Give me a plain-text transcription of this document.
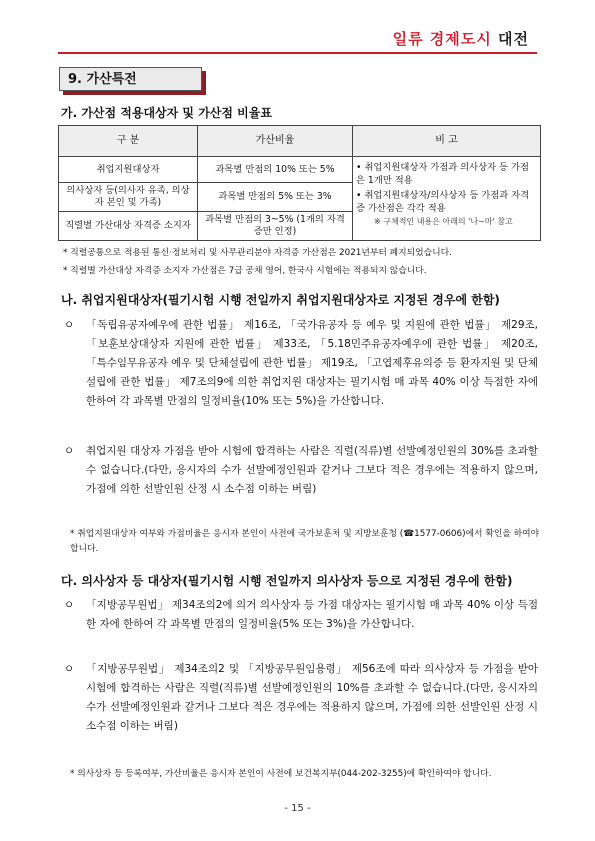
일류 경제도시 대전
9. 가산특전
가. 가산점 적용대상자 및 가산점 비율표
구 분	가산비율	비 고
취업지원대상자	과목별 만점의 10% 또는 5%	• 취업지원대상자 가점과 의사상자 등 가점은 1개만 적용
• 취업지원대상자/의사상자 등 가점과 자격증 가산점은 각각 적용
※ 구체적인 내용은 아래의 '나~마' 참고

의사상자 등(의사자 유족, 의상자 본인 및 가족)	과목별 만점의 5% 또는 3%	
직렬별 가산대상 자격증 소지자	과목별 만점의 3~5% (1개의 자격증만 인정)	
* 직렬공통으로 적용된 통신·정보처리 및 사무관리분야 자격증 가산점은 2021년부터 폐지되었습니다.
* 직렬별 가산대상 자격증 소지자 가산점은 7급 공채 영어, 한국사 시험에는 적용되지 않습니다.
나. 취업지원대상자(필기시험 시행 전일까지 취업지원대상자로 지정된 경우에 한함)
ㅇ 「독립유공자예우에 관한 법률」 제16조, 「국가유공자 등 예우 및 지원에 관한 법률」 제29조, 「보훈보상대상자 지원에 관한 법률」 제33조, 「5.18민주유공자예우에 관한 법률」 제20조, 「특수임무유공자 예우 및 단체설립에 관한 법률」 제19조, 「고엽제후유의증 등 환자지원 및 단체설립에 관한 법률」 제7조의9에 의한 취업지원 대상자는 필기시험 매 과목 40% 이상 득점한 자에 한하여 각 과목별 만점의 일정비율(10% 또는 5%)을 가산합니다.
ㅇ 취업지원 대상자 가점을 받아 시험에 합격하는 사람은 직렬(직류)별 선발예정인원의 30%를 초과할 수 없습니다.(다만, 응시자의 수가 선발예정인원과 같거나 그보다 적은 경우에는 적용하지 않으며, 가점에 의한 선발인원 산정 시 소수점 이하는 버림)
* 취업지원대상자 여부와 가점비율은 응시자 본인이 사전에 국가보훈처 및 지방보훈청 (☎1577-0606)에서 확인을 하여야 합니다.
다. 의사상자 등 대상자(필기시험 시행 전일까지 의사상자 등으로 지정된 경우에 한함)
ㅇ 「지방공무원법」 제34조의2에 의거 의사상자 등 가점 대상자는 필기시험 매 과목 40% 이상 득점한 자에 한하여 각 과목별 만점의 일정비율(5% 또는 3%)을 가산합니다.
ㅇ 「지방공무원법」 제34조의2 및 「지방공무원임용령」 제56조에 따라 의사상자 등 가점을 받아 시험에 합격하는 사람은 직렬(직류)별 선발예정인원의 10%를 초과할 수 없습니다.(다만, 응시자의 수가 선발예정인원과 같거나 그보다 적은 경우에는 적용하지 않으며, 가점에 의한 선발인원 산정 시 소수점 이하는 버림)
* 의사상자 등 등록여부, 가산비율은 응시자 본인이 사전에 보건복지부(044-202-3255)에 확인하여야 합니다.
- 15 -
